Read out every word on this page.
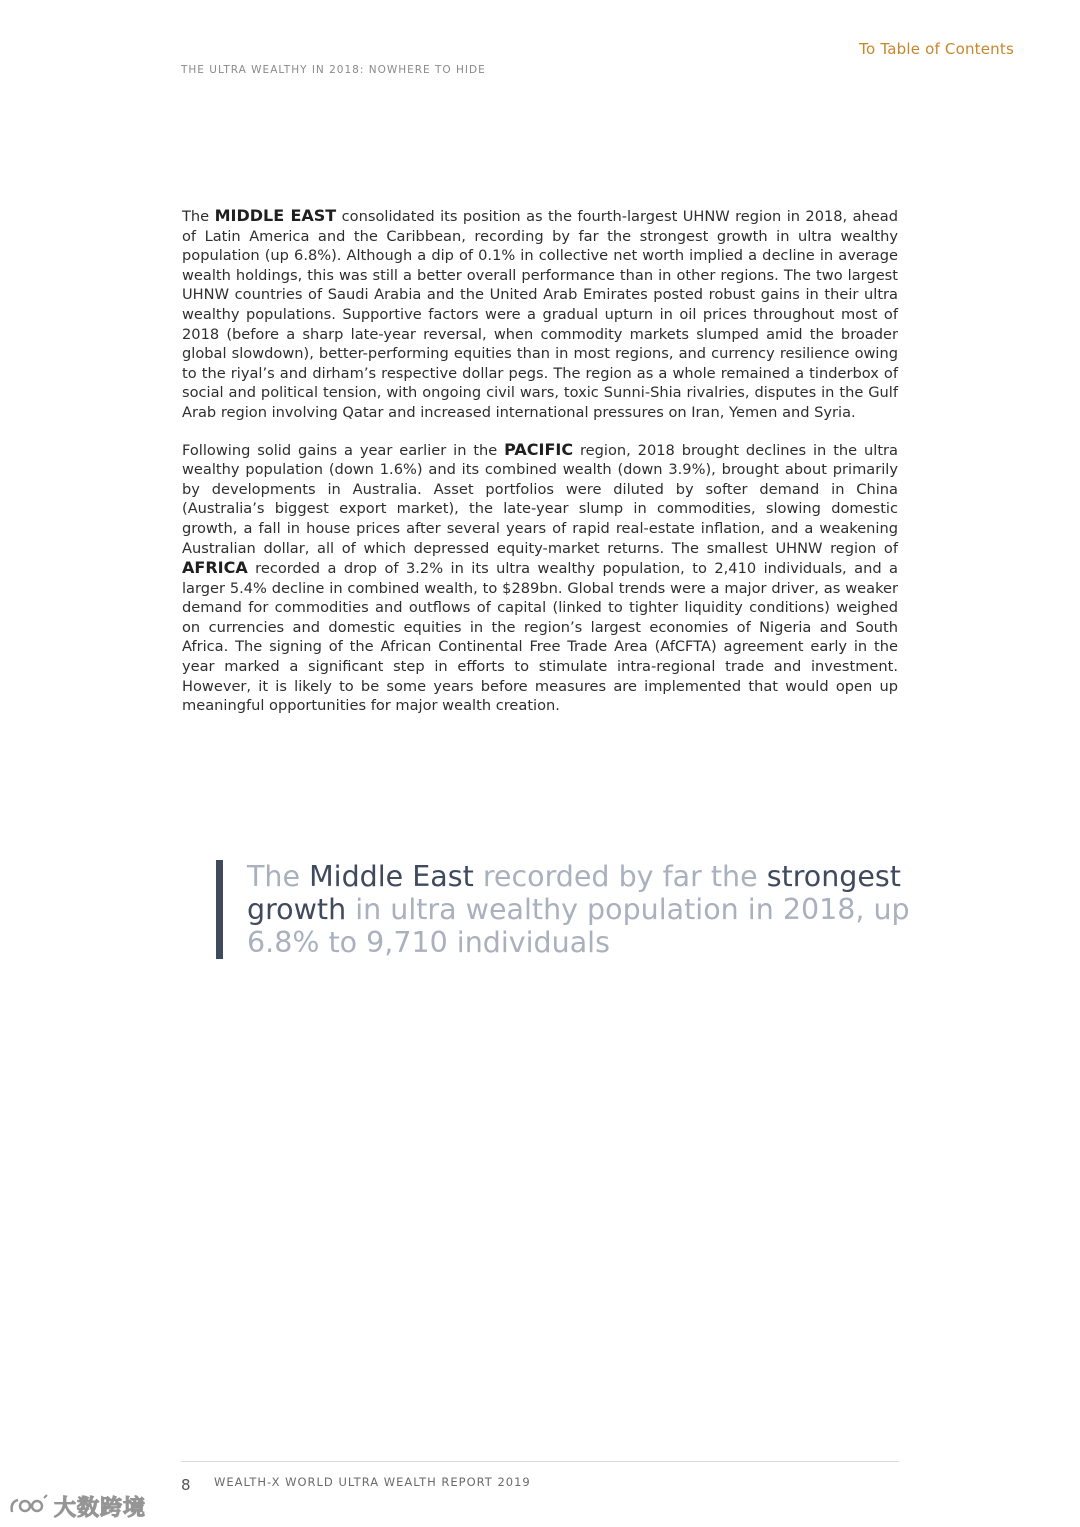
To Table of Contents
THE ULTRA WEALTHY IN 2018: NOWHERE TO HIDE

The MIDDLE EAST consolidated its position as the fourth-largest UHNW region in 2018, ahead of Latin America and the Caribbean, recording by far the strongest growth in ultra wealthy population (up 6.8%). Although a dip of 0.1% in collective net worth implied a decline in average wealth holdings, this was still a better overall performance than in other regions. The two largest UHNW countries of Saudi Arabia and the United Arab Emirates posted robust gains in their ultra wealthy populations. Supportive factors were a gradual upturn in oil prices throughout most of 2018 (before a sharp late-year reversal, when commodity markets slumped amid the broader global slowdown), better-performing equities than in most regions, and currency resilience owing to the riyal’s and dirham’s respective dollar pegs. The region as a whole remained a tinderbox of social and political tension, with ongoing civil wars, toxic Sunni-Shia rivalries, disputes in the Gulf Arab region involving Qatar and increased international pressures on Iran, Yemen and Syria.

Following solid gains a year earlier in the PACIFIC region, 2018 brought declines in the ultra wealthy population (down 1.6%) and its combined wealth (down 3.9%), brought about primarily by developments in Australia. Asset portfolios were diluted by softer demand in China (Australia’s biggest export market), the late-year slump in commodities, slowing domestic growth, a fall in house prices after several years of rapid real-estate inflation, and a weakening Australian dollar, all of which depressed equity-market returns. The smallest UHNW region of AFRICA recorded a drop of 3.2% in its ultra wealthy population, to 2,410 individuals, and a larger 5.4% decline in combined wealth, to $289bn. Global trends were a major driver, as weaker demand for commodities and outflows of capital (linked to tighter liquidity conditions) weighed on currencies and domestic equities in the region’s largest economies of Nigeria and South Africa. The signing of the African Continental Free Trade Area (AfCFTA) agreement early in the year marked a significant step in efforts to stimulate intra-regional trade and investment. However, it is likely to be some years before measures are implemented that would open up meaningful opportunities for major wealth creation.

The Middle East recorded by far the strongest growth in ultra wealthy population in 2018, up 6.8% to 9,710 individuals
8 WEALTH-X WORLD ULTRA WEALTH REPORT 2019
大数跨境
